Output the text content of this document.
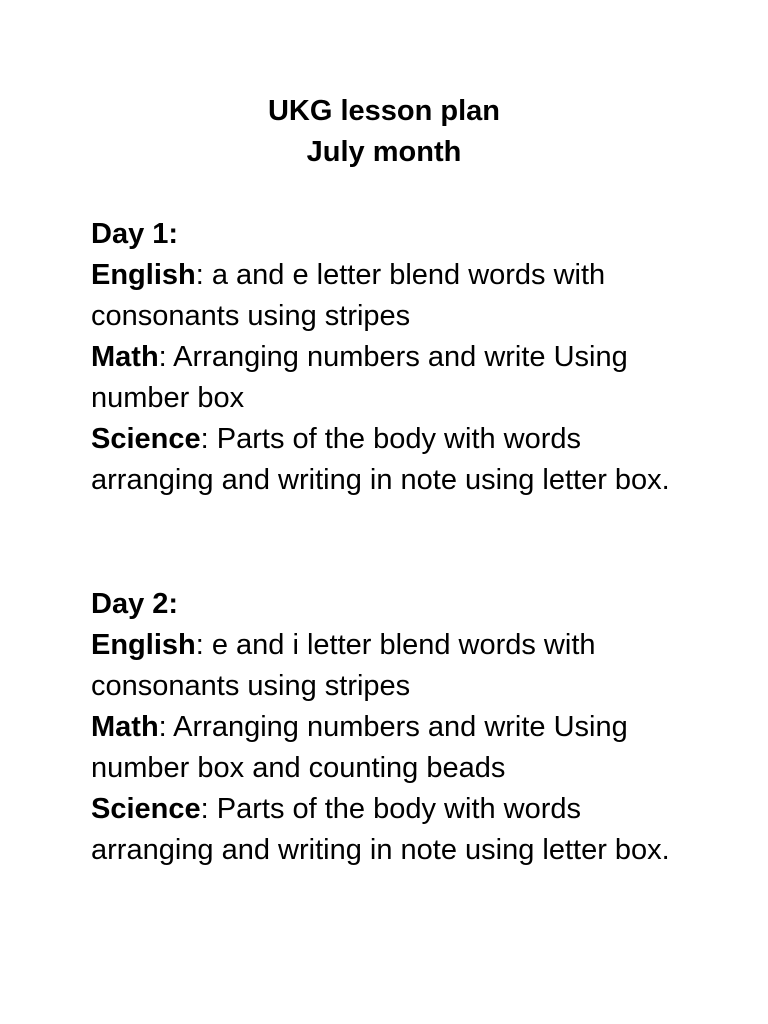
UKG lesson plan
July month
Day 1:

English: a and e letter blend words with consonants using stripes

Math: Arranging numbers and write Using number box

Science: Parts of the body with words arranging and writing in note using letter box.

Day 2:

English: e and i letter blend words with consonants using stripes

Math: Arranging numbers and write Using number box and counting beads

Science: Parts of the body with words arranging and writing in note using letter box.
